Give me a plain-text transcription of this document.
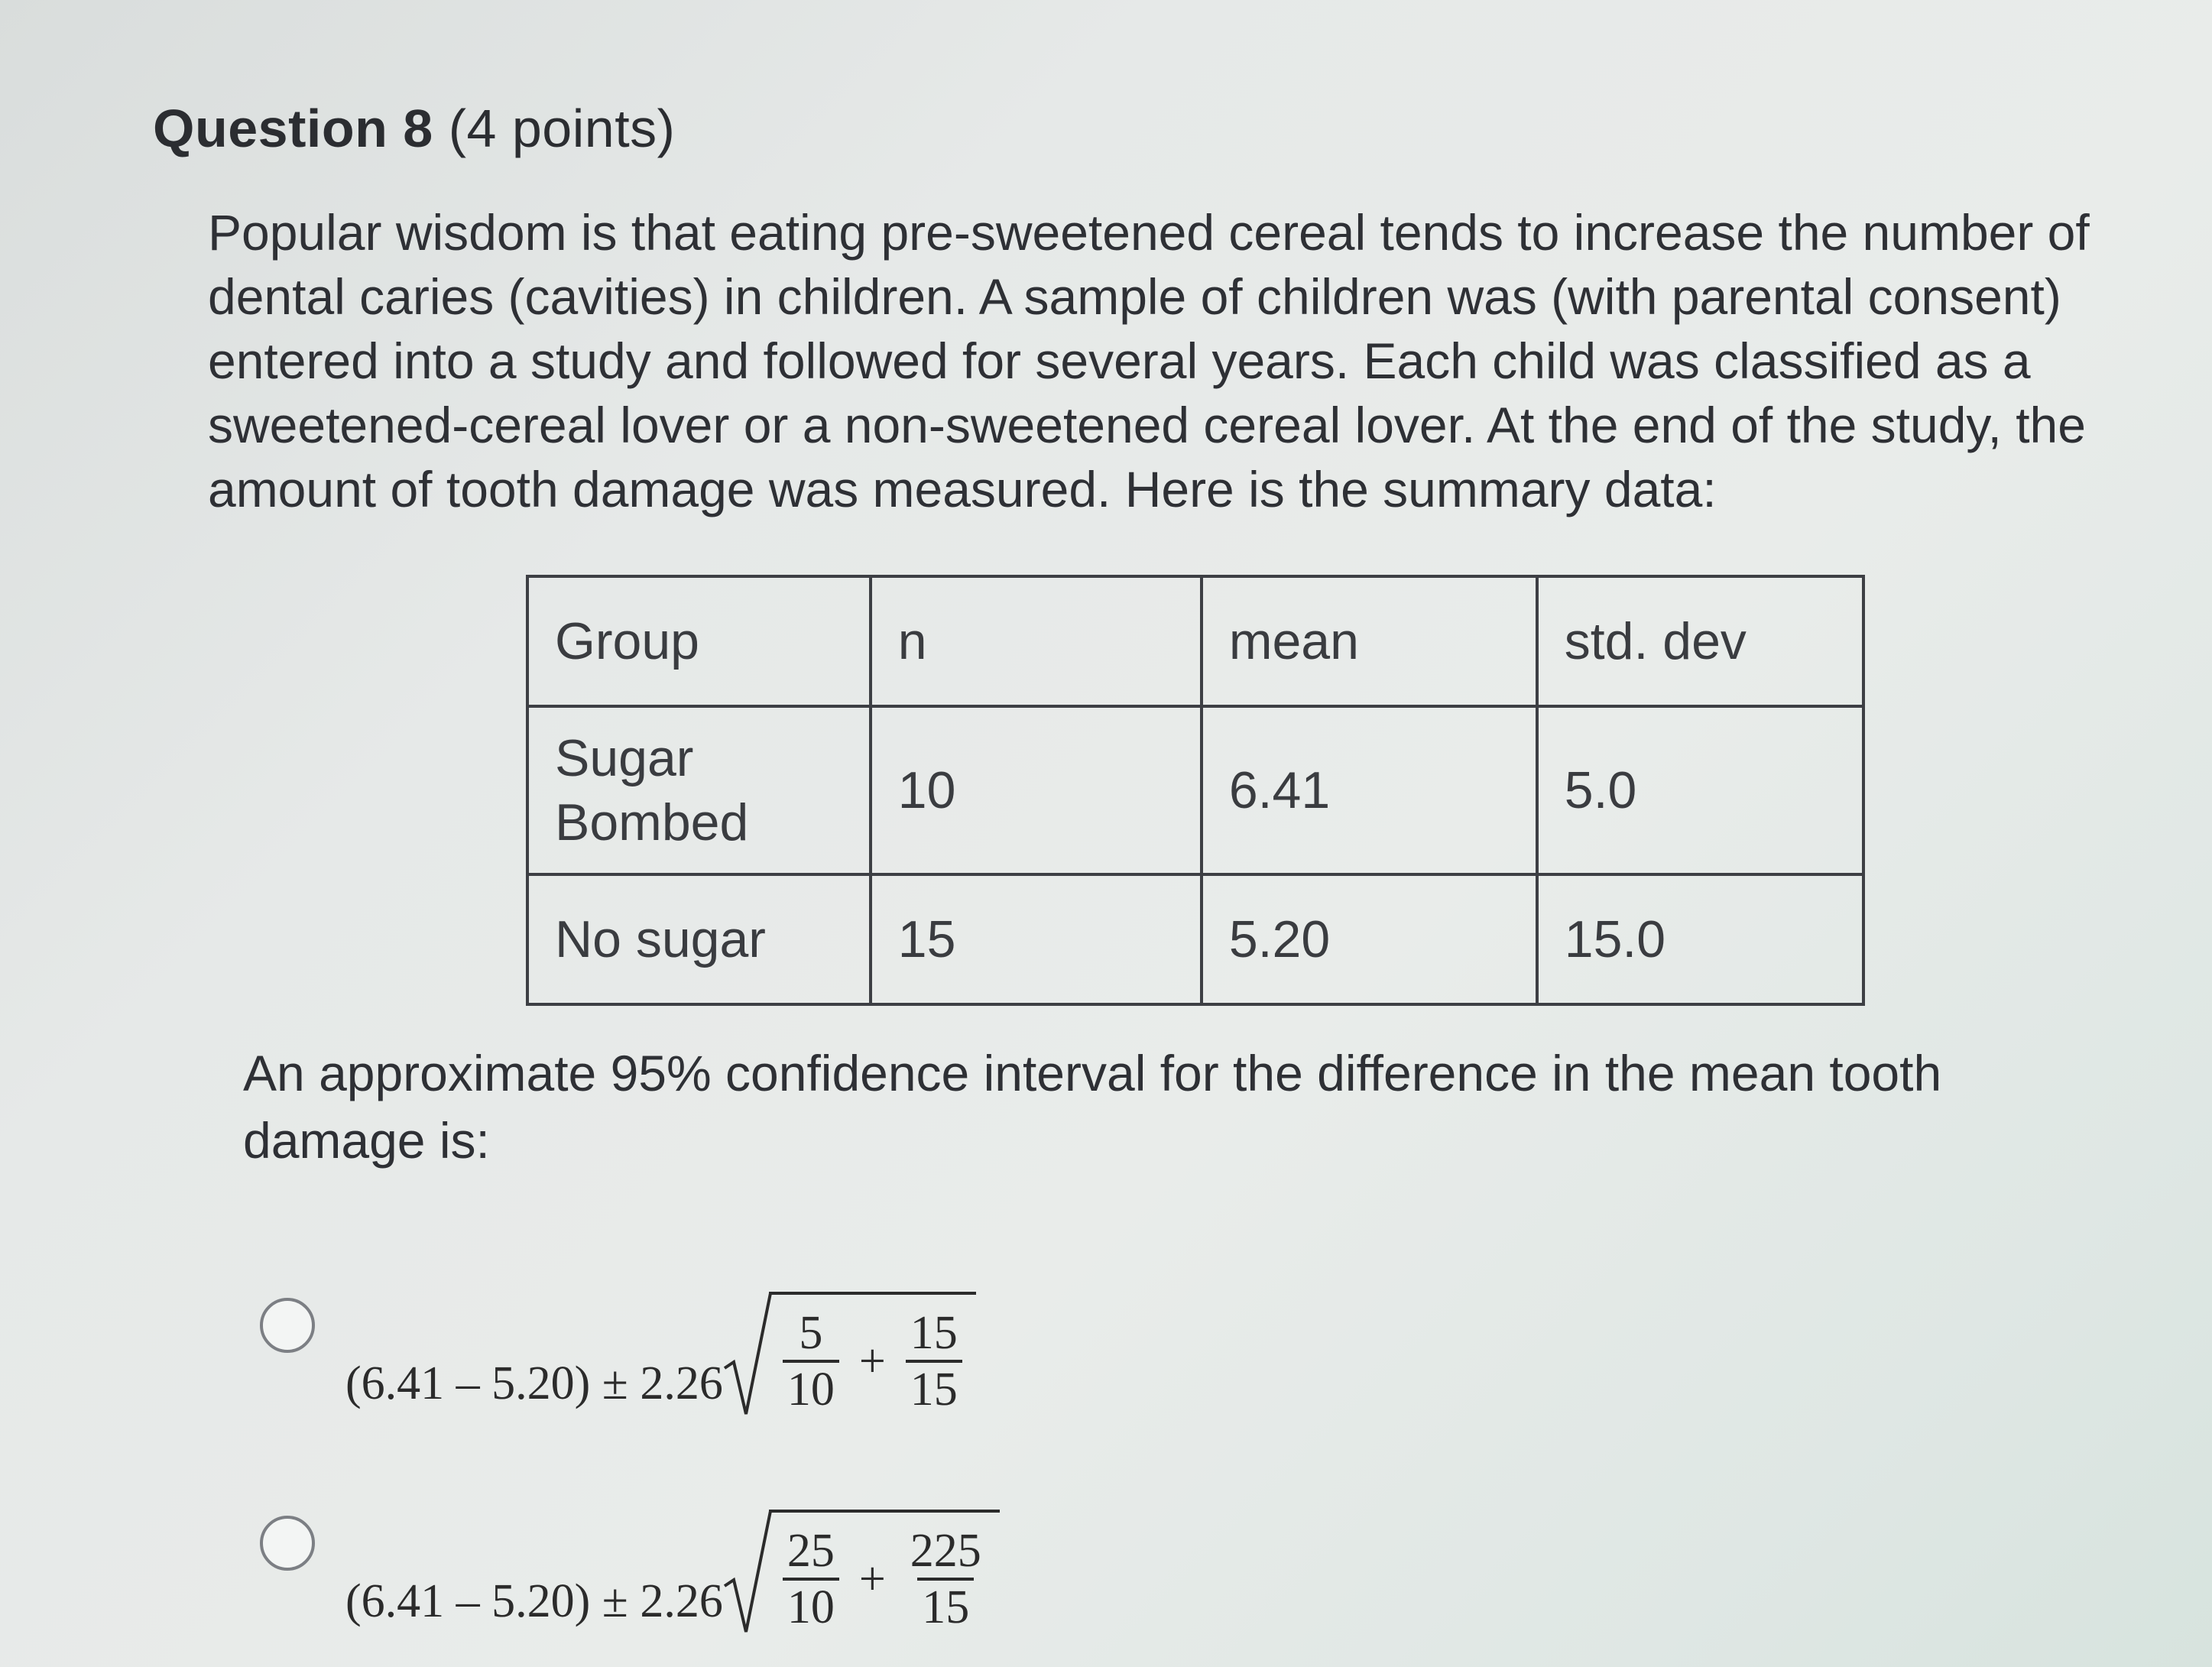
Question 8 (4 points)
Popular wisdom is that eating pre-sweetened cereal tends to increase the number of dental caries (cavities) in children. A sample of children was (with parental consent) entered into a study and followed for several years. Each child was classified as a sweetened-cereal lover or a non-sweetened cereal lover. At the end of the study, the amount of tooth damage was measured. Here is the summary data:
Group	n	mean	std. dev
Sugar Bombed	10	6.41	5.0
No sugar	15	5.20	15.0
An approximate 95% confidence interval for the difference in the mean tooth damage is:
$(6.41 - 5.20) \pm 2.26 \frac{5}{10} + \frac{15}{15}$
$(6.41 - 5.20) \pm 2.26 \frac{25}{10} + \frac{225}{15}$
